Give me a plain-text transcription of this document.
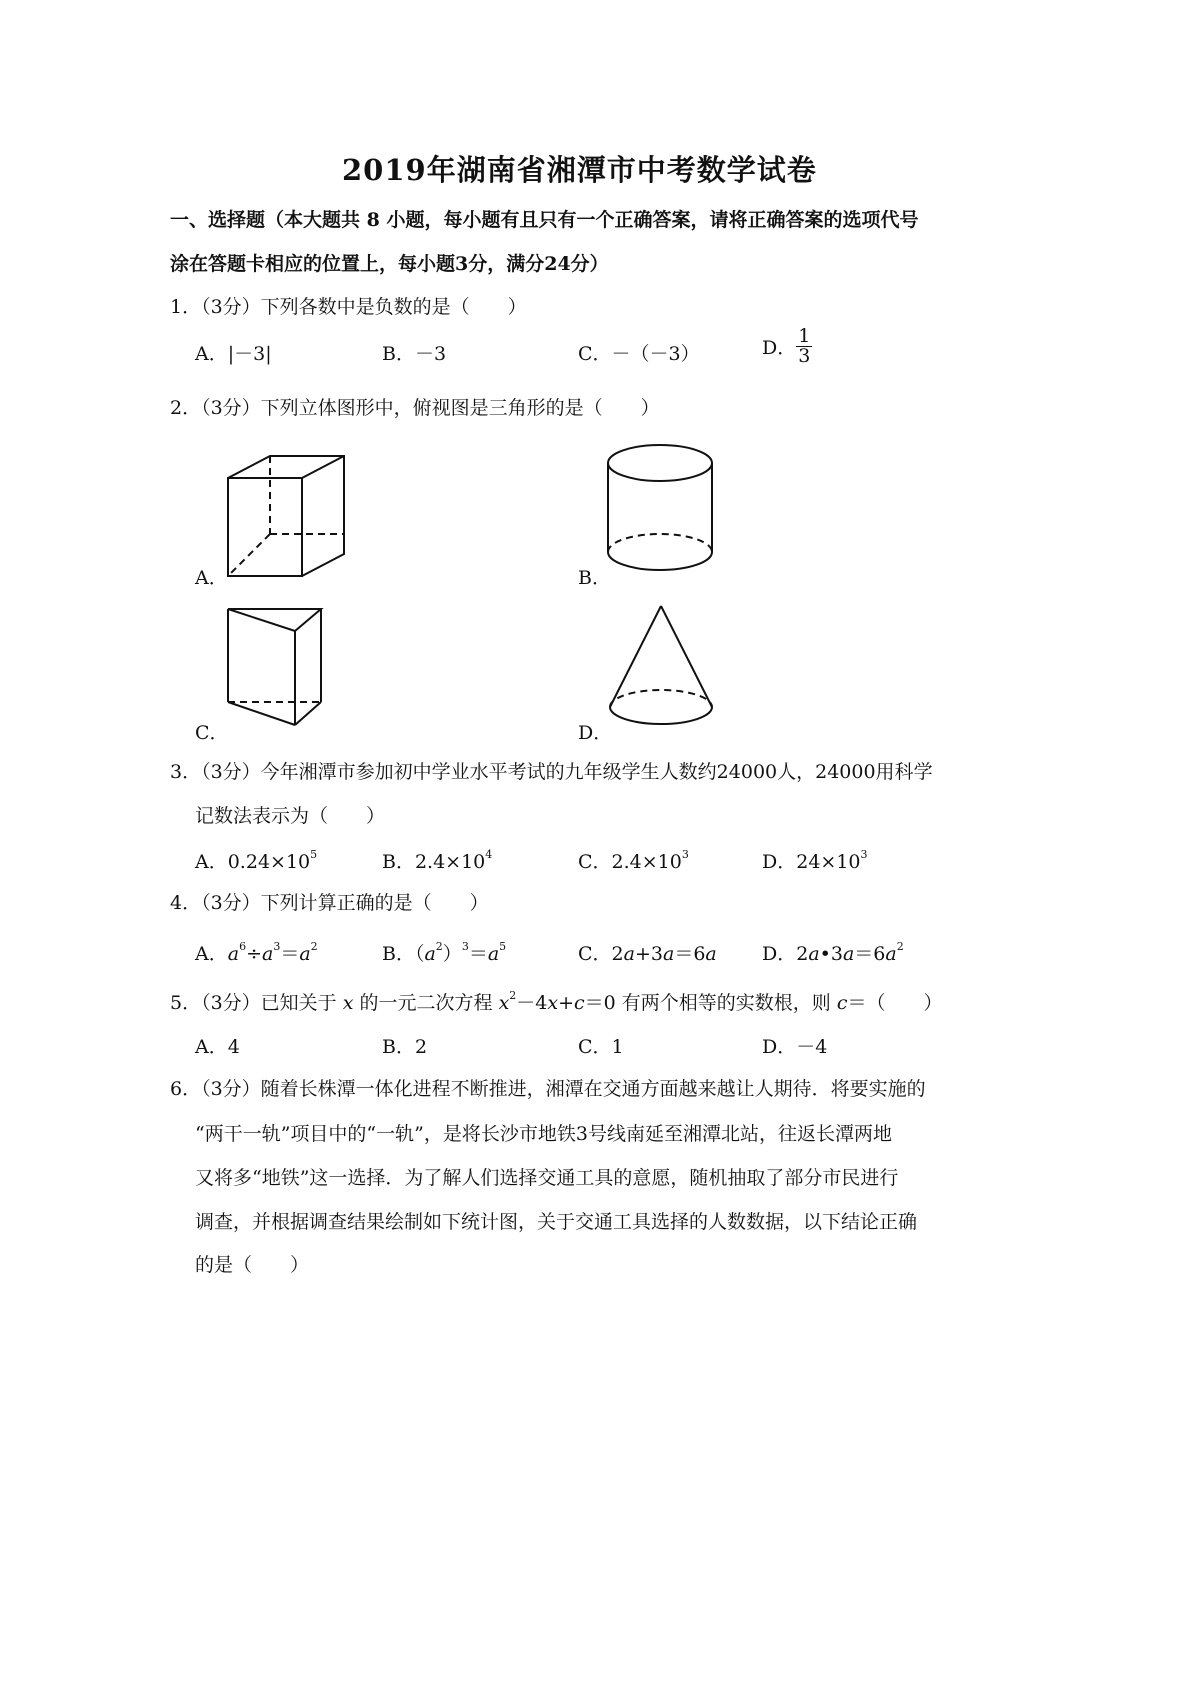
2019年湖南省湘潭市中考数学试卷
一、选择题（本大题共 8 小题，每小题有且只有一个正确答案，请将正确答案的选项代号
涂在答题卡相应的位置上，每小题3分，满分24分）
1．（3分）下列各数中是负数的是（　　）
A．|－3|	B．－3	C．－（－3）	D． $\frac{1}{3}$
2．（3分）下列立体图形中，俯视图是三角形的是（　　）
A．	B．
C．	D．
3．（3分）今年湘潭市参加初中学业水平考试的九年级学生人数约24000人，24000用科学
记数法表示为（　　）
A．$0.24\times 10^5$	B．$2.4\times 10^4$	C．$2.4\times 10^3$	D．$24\times 10^3$
4．（3分）下列计算正确的是（　　）
A．$a^6\div a^3=a^2$	B．$(a^2)^3=a^5$	C．2a+3a＝6a D．$2a•3a=6a^2$
5．（3分）已知关于 x 的一元二次方程 $x^2-4x+c=0$ 有两个相等的实数根，则 c＝（　　）
A．4	B．2	C．1	D．－4
6．（3分）随着长株潭一体化进程不断推进，湘潭在交通方面越来越让人期待．将要实施的
“两干一轨”项目中的“一轨”，是将长沙市地铁3号线南延至湘潭北站，往返长潭两地
又将多“地铁”这一选择．为了解人们选择交通工具的意愿，随机抽取了部分市民进行
调查，并根据调查结果绘制如下统计图，关于交通工具选择的人数数据，以下结论正确
的是（　　）
